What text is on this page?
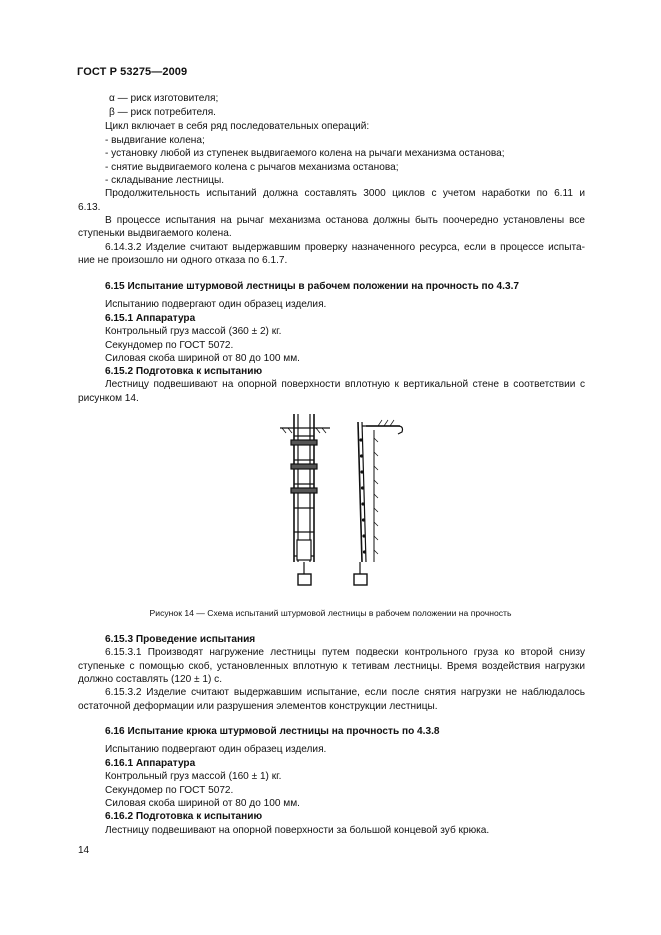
ГОСТ Р 53275—2009
α — риск изготовителя;
β — риск потребителя.
Цикл включает в себя ряд последовательных операций:
- выдвигание колена;
- установку любой из ступенек выдвигаемого колена на рычаги механизма останова;
- снятие выдвигаемого колена с рычагов механизма останова;
- складывание лестницы.
Продолжительность испытаний должна составлять 3000 циклов с учетом наработки по 6.11 и
6.13.
В процессе испытания на рычаг механизма останова должны быть поочередно установлены все
ступеньки выдвигаемого колена.
6.14.3.2 Изделие считают выдержавшим проверку назначенного ресурса, если в процессе испыта-
ние не произошло ни одного отказа по 6.1.7.
6.15 Испытание штурмовой лестницы в рабочем положении на прочность по 4.3.7
Испытанию подвергают один образец изделия.
6.15.1 Аппаратура
Контрольный груз массой (360 ± 2) кг.
Секундомер по ГОСТ 5072.
Силовая скоба шириной от 80 до 100 мм.
6.15.2 Подготовка к испытанию
Лестницу подвешивают на опорной поверхности вплотную к вертикальной стене в соответствии с
рисунком 14.
Рисунок 14 — Схема испытаний штурмовой лестницы в рабочем положении на прочность
6.15.3 Проведение испытания
6.15.3.1 Производят нагружение лестницы путем подвески контрольного груза ко второй снизу
ступеньке с помощью скоб, установленных вплотную к тетивам лестницы. Время воздействия нагрузки
должно составлять (120 ± 1) с.
6.15.3.2 Изделие считают выдержавшим испытание, если после снятия нагрузки не наблюдалось
остаточной деформации или разрушения элементов конструкции лестницы.
6.16 Испытание крюка штурмовой лестницы на прочность по 4.3.8
Испытанию подвергают один образец изделия.
6.16.1 Аппаратура
Контрольный груз массой (160 ± 1) кг.
Секундомер по ГОСТ 5072.
Силовая скоба шириной от 80 до 100 мм.
6.16.2 Подготовка к испытанию
Лестницу подвешивают на опорной поверхности за большой концевой зуб крюка.
14
